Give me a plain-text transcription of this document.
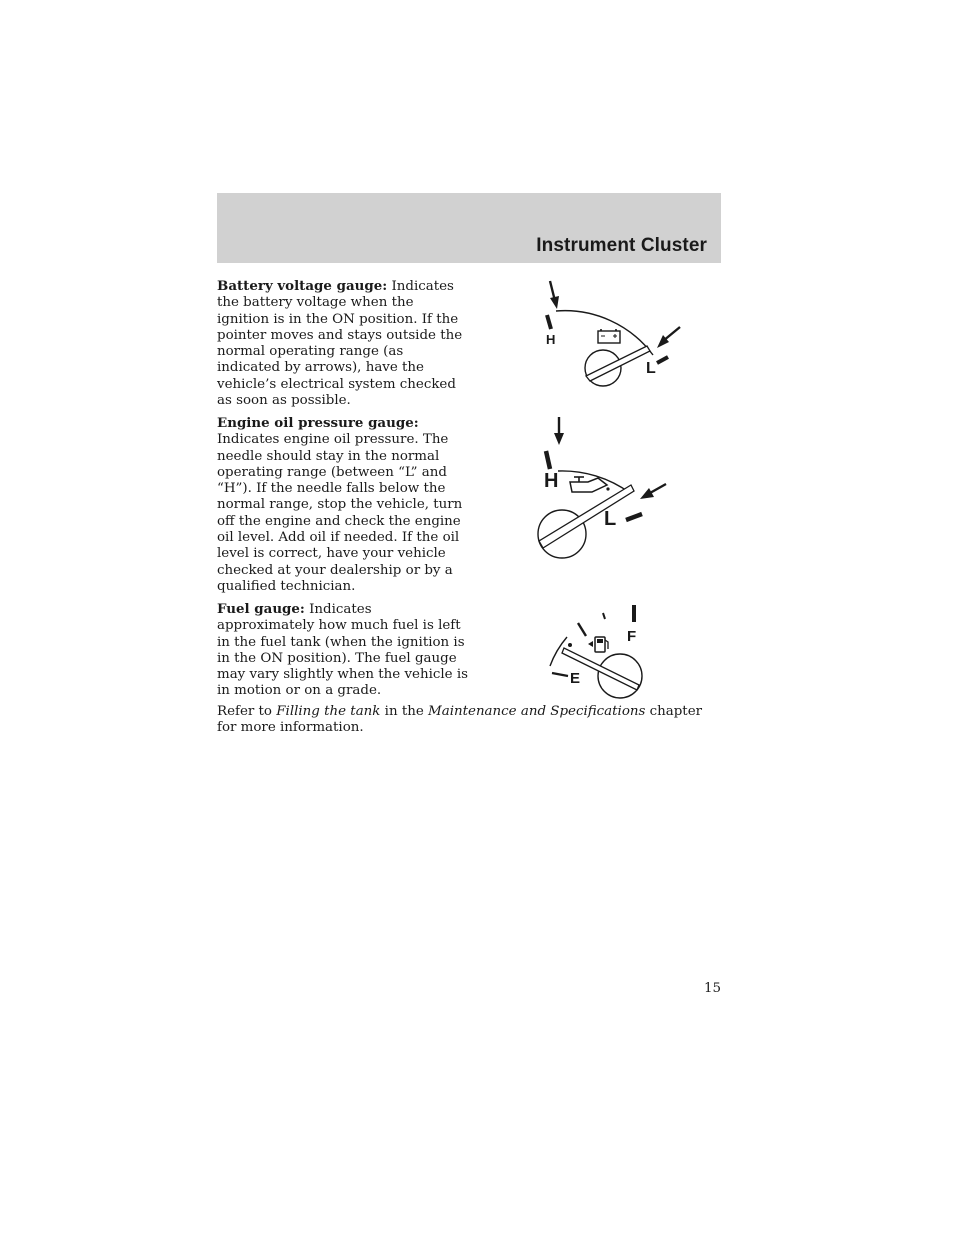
Instrument Cluster

Battery voltage gauge: Indicates the battery voltage when the ignition is in the ON position. If the pointer moves and stays outside the normal operating range (as indicated by arrows), have the vehicle’s electrical system checked as soon as possible.

Engine oil pressure gauge: Indicates engine oil pressure. The needle should stay in the normal operating range (between “L” and “H”). If the needle falls below the normal range, stop the vehicle, turn off the engine and check the engine oil level. Add oil if needed. If the oil level is correct, have your vehicle checked at your dealership or by a qualified technician.

Fuel gauge: Indicates approximately how much fuel is left in the fuel tank (when the ignition is in the ON position). The fuel gauge may vary slightly when the vehicle is in motion or on a grade.

Refer to Filling the tank in the Maintenance and Specifications chapter for more information.

H
L
H
L
F
E
15
